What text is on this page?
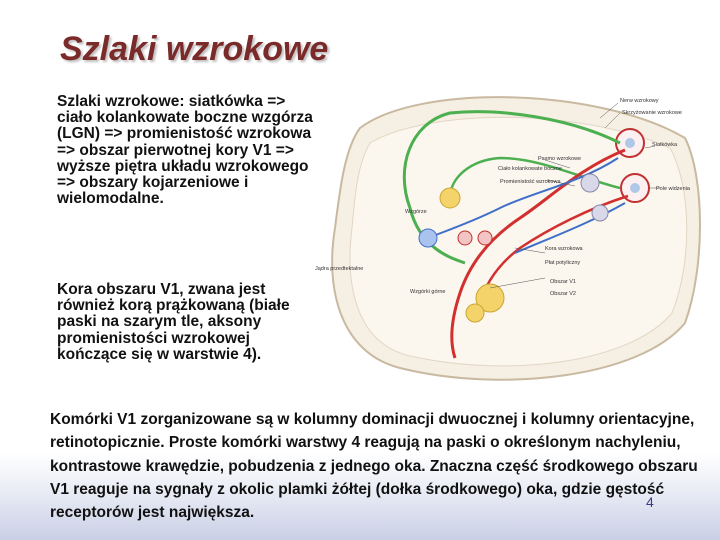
Szlaki wzrokowe
Szlaki wzrokowe: siatkówka => ciało kolankowate boczne wzgórza (LGN) => promienistość wzrokowa => obszar pierwotnej kory V1 => wyższe piętra układu wzrokowego => obszary kojarzeniowe i wielomodalne.
Kora obszaru V1, zwana jest również korą prążkowaną (białe paski na szarym tle, aksony promienistości wzrokowej kończące się w warstwie 4).
Komórki V1 zorganizowane są w kolumny dominacji dwuocznej i kolumny orientacyjne, retinotopicznie. Proste komórki warstwy 4 reagują na paski o określonym nachyleniu, kontrastowe krawędzie, pobudzenia z jednego oka. Znaczna część środkowego obszaru V1 reaguje na sygnały z okolic plamki żółtej (dołka środkowego) oka, gdzie gęstość receptorów jest największa.
4
Nerw wzrokowy
Skrzyżowanie wzrokowe
Pasmo wzrokowe
Ciało kolankowate boczne
Promienistość wzrokowa
Kora wzrokowa
Płat potyliczny
Wzgórze
Siatkówka
Pole widzenia
Jądra przedtektalne
Wzgórki górne
Obszar V1
Obszar V2
